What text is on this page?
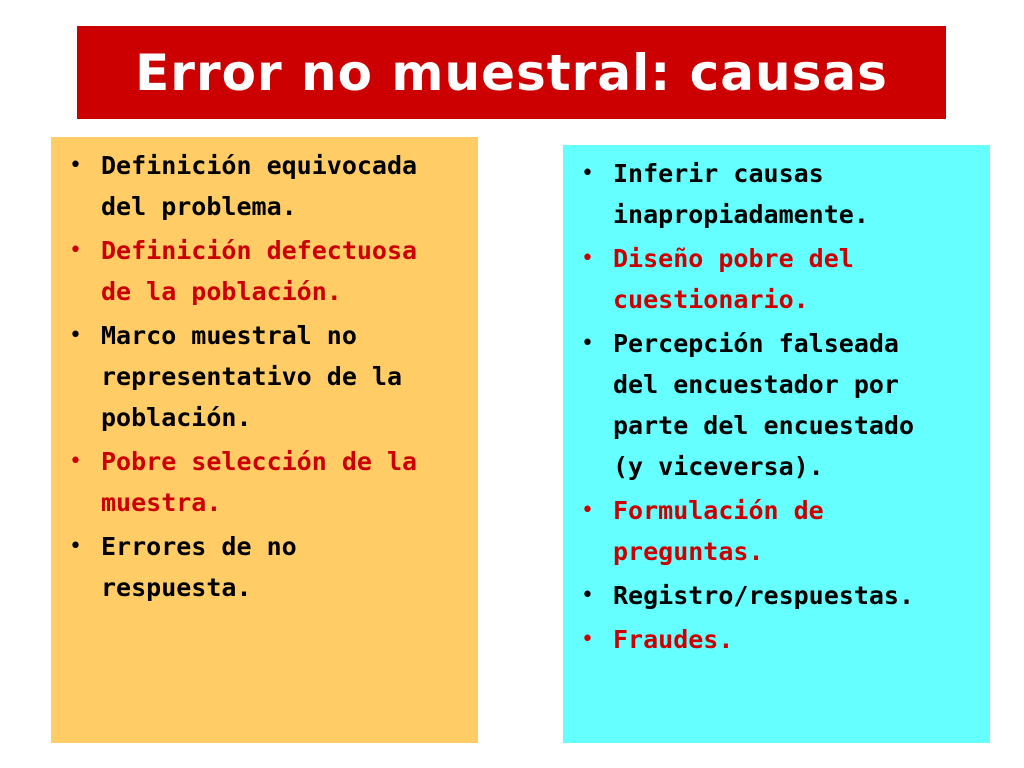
Error no muestral: causas
• Definición equivocada
del problema.
• Definición defectuosa
de la población.
• Marco muestral no
representativo de la
población.
• Pobre selección de la
muestra.
• Errores de no
respuesta.
• Inferir causas
inapropiadamente.
• Diseño pobre del
cuestionario.
• Percepción falseada
del encuestador por
parte del encuestado
(y viceversa).
• Formulación de
preguntas.
• Registro/respuestas.
• Fraudes.
